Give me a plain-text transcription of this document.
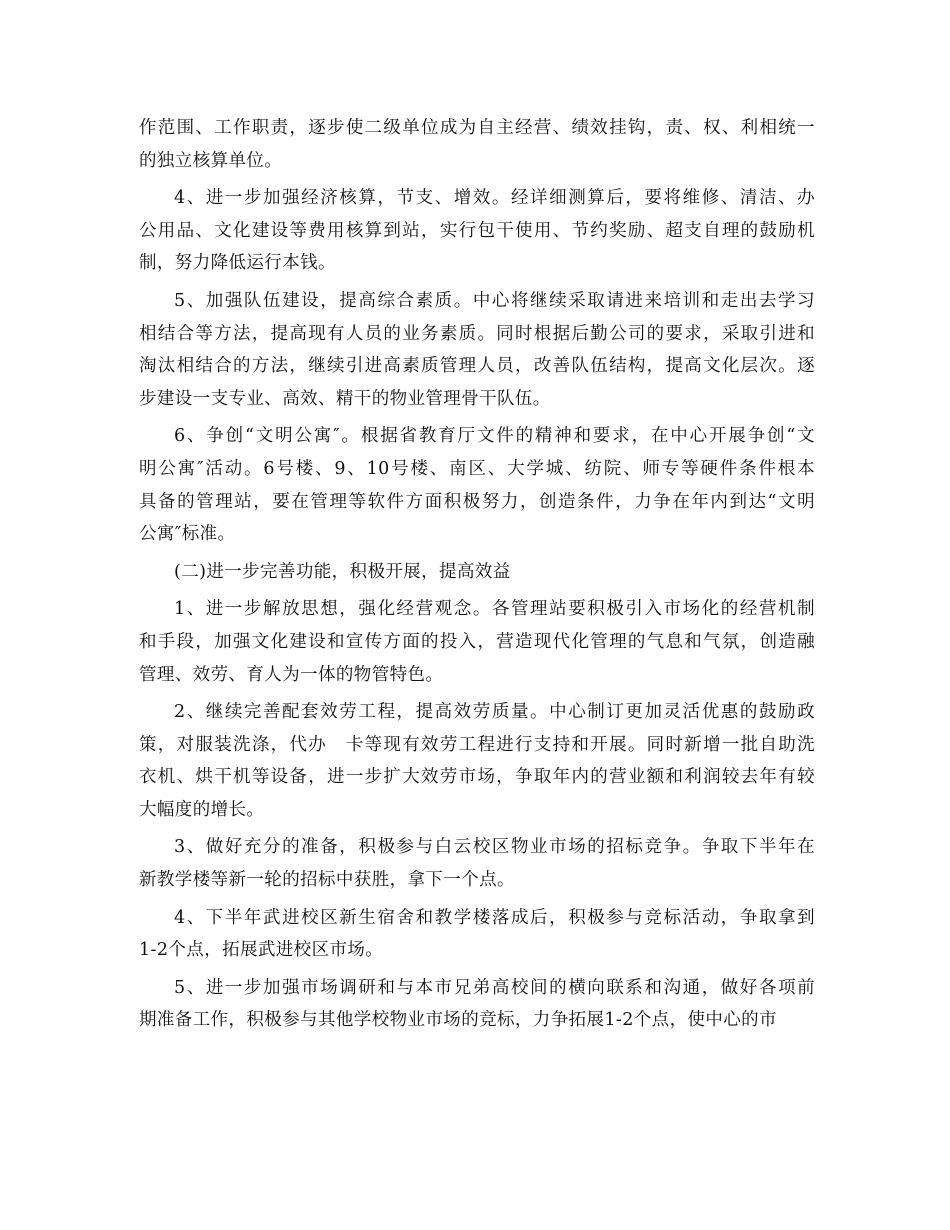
作范围、工作职责，逐步使二级单位成为自主经营、绩效挂钩，责、权、利相统一
的独立核算单位。
4、进一步加强经济核算，节支、增效。经详细测算后，要将维修、清洁、办
公用品、文化建设等费用核算到站，实行包干使用、节约奖励、超支自理的鼓励机
制，努力降低运行本钱。
5、加强队伍建设，提高综合素质。中心将继续采取请进来培训和走出去学习
相结合等方法，提高现有人员的业务素质。同时根据后勤公司的要求，采取引进和
淘汰相结合的方法，继续引进高素质管理人员，改善队伍结构，提高文化层次。逐
步建设一支专业、高效、精干的物业管理骨干队伍。
6、争创“文明公寓″。根据省教育厅文件的精神和要求，在中心开展争创“文
明公寓″活动。6号楼、9、10号楼、南区、大学城、纺院、师专等硬件条件根本
具备的管理站，要在管理等软件方面积极努力，创造条件，力争在年内到达“文明
公寓″标准。
(二)进一步完善功能，积极开展，提高效益
1、进一步解放思想，强化经营观念。各管理站要积极引入市场化的经营机制
和手段，加强文化建设和宣传方面的投入，营造现代化管理的气息和气氛，创造融
管理、效劳、育人为一体的物管特色。
2、继续完善配套效劳工程，提高效劳质量。中心制订更加灵活优惠的鼓励政
策，对服装洗涤，代办　卡等现有效劳工程进行支持和开展。同时新增一批自助洗
衣机、烘干机等设备，进一步扩大效劳市场，争取年内的营业额和利润较去年有较
大幅度的增长。
3、做好充分的准备，积极参与白云校区物业市场的招标竞争。争取下半年在
新教学楼等新一轮的招标中获胜，拿下一个点。
4、下半年武进校区新生宿舍和教学楼落成后，积极参与竞标活动，争取拿到
1-2个点，拓展武进校区市场。
5、进一步加强市场调研和与本市兄弟高校间的横向联系和沟通，做好各项前
期准备工作，积极参与其他学校物业市场的竞标，力争拓展1-2个点，使中心的市
